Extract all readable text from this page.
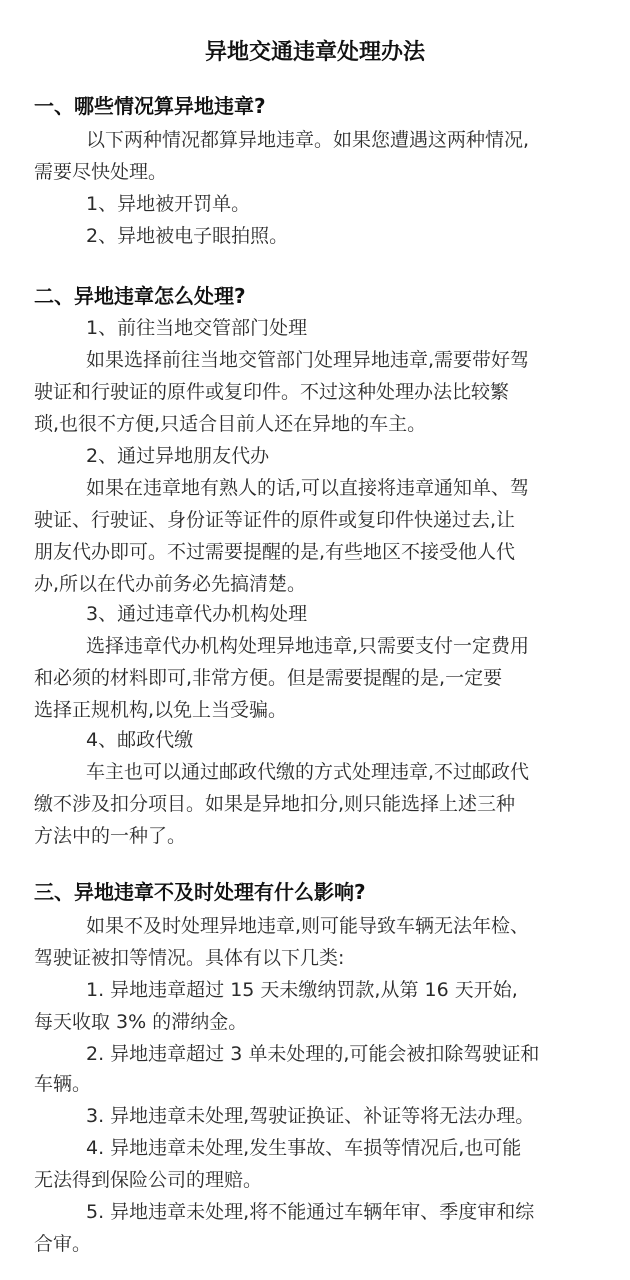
异地交通违章处理办法
一、哪些情况算异地违章?
以下两种情况都算异地违章。如果您遭遇这两种情况,
需要尽快处理。
1、异地被开罚单。
2、异地被电子眼拍照。
二、异地违章怎么处理?
1、前往当地交管部门处理
如果选择前往当地交管部门处理异地违章,需要带好驾
驶证和行驶证的原件或复印件。不过这种处理办法比较繁
琐,也很不方便,只适合目前人还在异地的车主。
2、通过异地朋友代办
如果在违章地有熟人的话,可以直接将违章通知单、驾
驶证、行驶证、身份证等证件的原件或复印件快递过去,让
朋友代办即可。不过需要提醒的是,有些地区不接受他人代
办,所以在代办前务必先搞清楚。
3、通过违章代办机构处理
选择违章代办机构处理异地违章,只需要支付一定费用
和必须的材料即可,非常方便。但是需要提醒的是,一定要
选择正规机构,以免上当受骗。
4、邮政代缴
车主也可以通过邮政代缴的方式处理违章,不过邮政代
缴不涉及扣分项目。如果是异地扣分,则只能选择上述三种
方法中的一种了。
三、异地违章不及时处理有什么影响?
如果不及时处理异地违章,则可能导致车辆无法年检、
驾驶证被扣等情况。具体有以下几类:
1. 异地违章超过 15 天未缴纳罚款,从第 16 天开始,
每天收取 3% 的滞纳金。
2. 异地违章超过 3 单未处理的,可能会被扣除驾驶证和
车辆。
3. 异地违章未处理,驾驶证换证、补证等将无法办理。
4. 异地违章未处理,发生事故、车损等情况后,也可能
无法得到保险公司的理赔。
5. 异地违章未处理,将不能通过车辆年审、季度审和综
合审。
